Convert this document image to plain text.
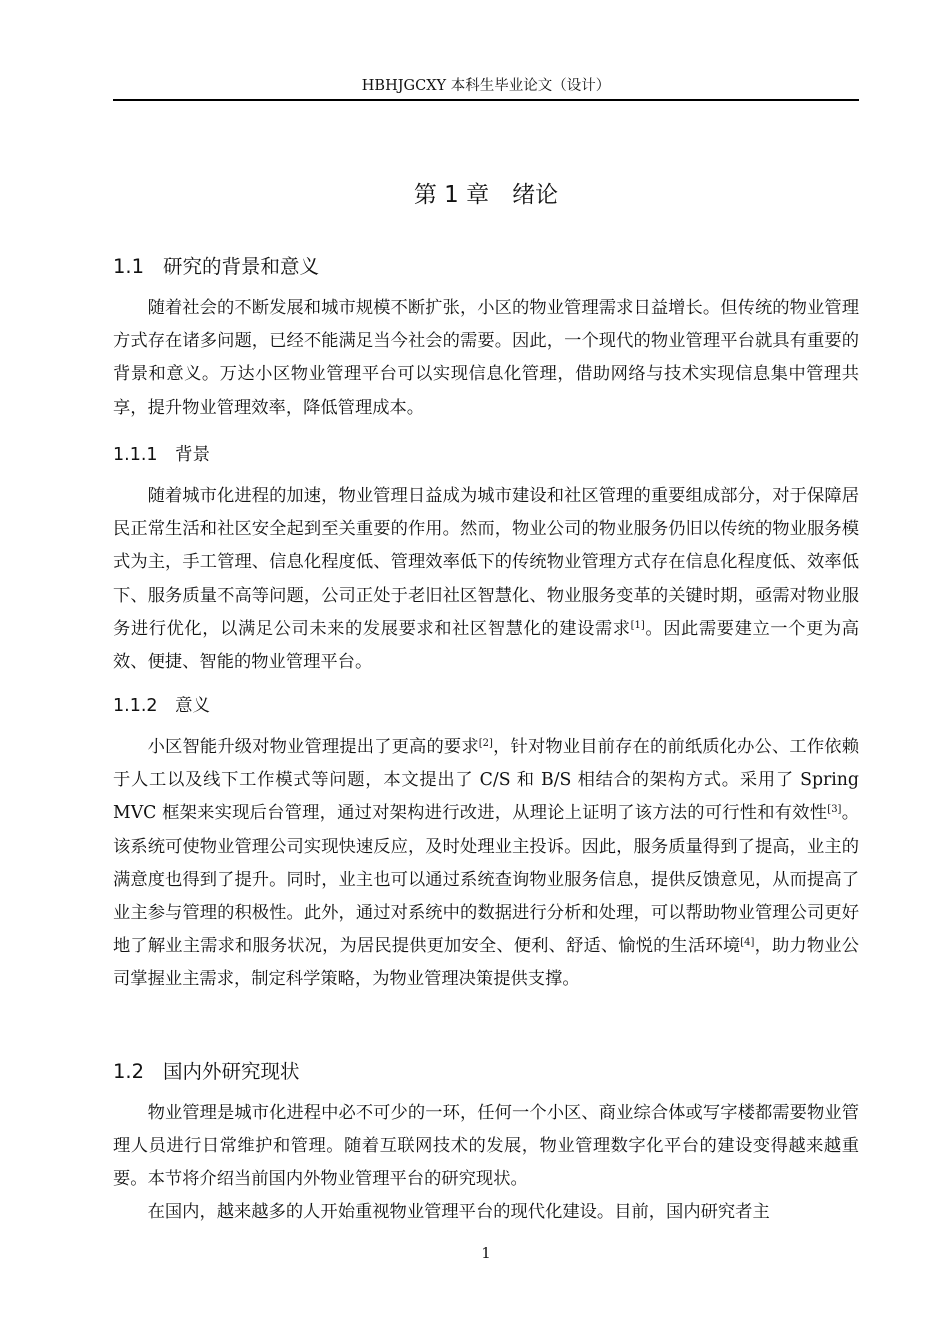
HBHJGCXY 本科生毕业论文（设计）
第 1 章　绪论
1.1 研究的背景和意义

随着社会的不断发展和城市规模不断扩张，小区的物业管理需求日益增长。但传统的物业管理方式存在诸多问题，已经不能满足当今社会的需要。因此，一个现代的物业管理平台就具有重要的背景和意义。万达小区物业管理平台可以实现信息化管理，借助网络与技术实现信息集中管理共享，提升物业管理效率，降低管理成本。

1.1.1 背景

随着城市化进程的加速，物业管理日益成为城市建设和社区管理的重要组成部分，对于保障居民正常生活和社区安全起到至关重要的作用。然而，物业公司的物业服务仍旧以传统的物业服务模式为主，手工管理、信息化程度低、管理效率低下的传统物业管理方式存在信息化程度低、效率低下、服务质量不高等问题，公司正处于老旧社区智慧化、物业服务变革的关键时期，亟需对物业服务进行优化，以满足公司未来的发展要求和社区智慧化的建设需求[1]。因此需要建立一个更为高效、便捷、智能的物业管理平台。

1.1.2 意义

小区智能升级对物业管理提出了更高的要求[2]，针对物业目前存在的前纸质化办公、工作依赖于人工以及线下工作模式等问题，本文提出了 C/S 和 B/S 相结合的架构方式。采用了 Spring MVC 框架来实现后台管理，通过对架构进行改进，从理论上证明了该方法的可行性和有效性[3]。该系统可使物业管理公司实现快速反应，及时处理业主投诉。因此，服务质量得到了提高，业主的满意度也得到了提升。同时，业主也可以通过系统查询物业服务信息，提供反馈意见，从而提高了业主参与管理的积极性。此外，通过对系统中的数据进行分析和处理，可以帮助物业管理公司更好地了解业主需求和服务状况，为居民提供更加安全、便利、舒适、愉悦的生活环境[4]，助力物业公司掌握业主需求，制定科学策略，为物业管理决策提供支撑。

1.2 国内外研究现状

物业管理是城市化进程中必不可少的一环，任何一个小区、商业综合体或写字楼都需要物业管理人员进行日常维护和管理。随着互联网技术的发展，物业管理数字化平台的建设变得越来越重要。本节将介绍当前国内外物业管理平台的研究现状。

在国内，越来越多的人开始重视物业管理平台的现代化建设。目前，国内研究者主

1
